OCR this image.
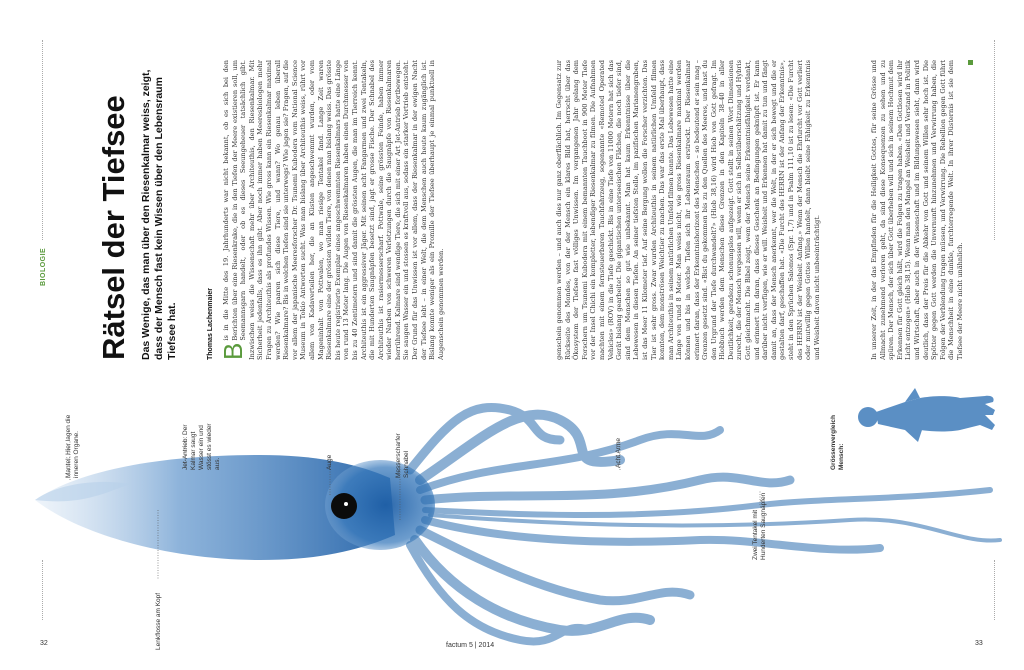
Mantel: Hier lagen die inneren Organe.	Jet-Antrieb: Der Kalmar saugt Wasser ein und stösst es wieder aus.	Auge	Messerscharfer Schnabel	Acht Arme
Zwei Tentakel mit Hunderten Saugnäpfen
Lenkflosse am Kopf
Grössenvergleich
Mensch:
BIOLOGIE Rätsel der Tiefsee Das Wenige, das man über den Riesenkalmar weiss, zeigt, dass der Mensch fast kein Wissen über den Lebensraum Tiefsee hat.	Thomas Lachenmaier B
is in die Mitte des 19. Jahrhunderts war nicht bekannt, ob es sich bei den Berichten über eine Riesenkrake, die in den Tiefen der Meere existieren soll, um Seemannsgarn handelt, oder ob es dieses Seeungeheuer tatsächlich gibt. Inzwischen weiss die Wissenschaft mehr über Architeuthis, den Riesenkalmar. Mit Sicherheit jedenfalls, dass es ihn gibt. Aber noch immer haben Meeresbiologen mehr Fragen zu Architeuthis als profundes Wissen. Wie gross kann ein Riesenkalmar maximal werden? Wie paaren sich diese Tiere, und wann? Wo genau leben überall Riesenkalmare? Bis in welchen Tiefen sind sie unterwegs? Wie jagen sie? Fragen, auf die vor allem der japanische Meeresforscher Dr. Tsunemi Kubodera vom National Science Museum in Tokio Antworten sucht. Was man bislang über Architeuthis weiss, rührt vor allem von Kadaverteilen her, die an Küsten angeschwemmt wurden, oder vom Mageninhalt von Pottwalen, wo man riesige Tentakel fand. Lange Zeit waren Riesenkalmare eine der grössten wilden Tiere, von denen man bislang weiss. Das grösste bis heute registrierte Exemplar eines angeschwemmten Riesenkalmars hatte eine Länge von rund 13 Meter lang. Die Augen von Riesenkalmaren haben einen Durchmesser von bis zu 40 Zentimetern und sind damit die grössten Augen, die man im Tierreich kennt. Architeuthis ist ein aggressiver Jäger. Mit seinen acht Fangarmen und zwei Tentakeln, die mit Hunderten Saugnäpfen besetzt sind, jagt er grosse Fische. Der Schnabel des Architeuthis ist rasiermesserscharf. Pottwale, seine grössten Feinde, haben immer wieder Narben von schweren Verletzungen durch die Saugnäpfe von Riesenkalmaren herrührend. Kalmare sind wendige Tiere, die sich mit einer Art Jet-Antrieb fortbewegen. Sie saugen Wasser ein und stossen es kraftvoll aus, sodass ein starker Vortrieb entsteht. Der Grund für das Unwissen ist vor allem, dass der Riesenkalmar in der ewigen Nacht der Tiefsee lebt – in einer Welt, die dem Menschen auch heute kaum zugänglich ist. Bislang konnte weniger als ein Promille der Tiefsee überhaupt je einmal punktuell in Augenschein genommen werden.	genschein genommen werden – und auch dies nur ganz oberflächlich. Im Gegensatz zur Rückseite des Mondes, von der der Mensch ein klares Bild hat, herrscht über das Ökosystem der Tiefsee fast völliges Unwissen. Im vergangenen Jahr gelang dem Forschern um Tsunemi Kubodera mit einem bemannten Tauchboot in 900 Meter Tiefe vor der Insel Chichi ein kompletter, lebendiger Riesenkalmar zu filmen. Die Aufnahmen machten mit einem fernsteuerbaren Tauchfahrzeug, sogenannte «Remoted Operated Vehicles» (ROV) in die Tiefe geschickt. Bis in eine Tiefe von 11000 Metern hat sich das Gerät bislang gearbeitet. Die gigantischen unterseeischen Flächen, die noch tiefer sind, sind dem Menschen so gut wie unbekannt. Man hat kaum Erkenntnisse über die Lebewesen in diesen Tiefen. An seiner tiefsten Stelle, im pazifischen Marianengraben, ist das Meer 11 Kilometer tief. Auf seine Bergung wollen die Forscher verzichten. Das Tier ist sehr gross. Zwar wurden Architeuthis in seinem natürlichen Umfeld filmen konnten, dem monströsen Weichtier zu machen. Das war das erste Mal überhaupt, dass man Architeuthis in seinem natürlichen Umfeld filmen konnte. Das Lebewesen hatte eine Länge von rund 8 Meter. Man weiss nicht, wie gross Riesenkalmare maximal werden können und bis in welche Tiefen sich ihr Lebensraum erstreckt. Der Riesenkalmar erinnert daran, dass der Erkenntnishorizont des Menschen – so bedeutend er sein mag – Grenzen gesetzt sind. «Bist du gekommen bis zu den Quellen des Meeres, und hast du den Urgrund der Tiefe durchwandelt?» (Hiob 38,16) wird Hiob von Gott gefragt. Im Hiobbuch werden dem Menschen diese Grenzen in den Kapiteln 38–40 in aller Deutlichkeit, geradezu schonungslos aufgezeigt. Gott stellt in seinen Wort Dimensionen zurecht, die der Mensch vergessen will, wenn er sich in Selbstüberschätzung und Hybris Gott gleichmacht. Die Bibel zeigt, wem der Mensch seine Erkenntnisfähigkeit verdankt, und erinnert ihn daran, dass dieses Geschenk an Bedingungen geknüpft ist. Er kann darüber nicht verfügen, wie er will. Weisheit und Erkennen hat damit zu tun und fängt damit an, dass der Mensch anerkennt, wer die Welt, in der er sich bewegt und die er gestalten darf, geschaffen hat. «Die Furcht des HERRN ist der Anfang der Erkenntnis», steht in den Sprüchen Salomos (Spr. 1,7) und in Psalm 111,10 ist zu lesen: «Die Furcht des HERRN ist der Weisheit Anfang.» Wenn der Mensch die Ehrfurcht vor Gott verliert oder mutwillig gegen Gottes Willen handelt, dann bleibt seine Fähigkeit zu Erkenntnis und Weisheit davon nicht unbeeinträchtigt.	In unserer Zeit, in der das Empfinden für die Heiligkeit Gottes, für seine Grösse und Allmacht zunehmend verloren geht, da sind diese Konsequenzen zu sehen und zu spüren. Der Mensch, der sich über Gott überheben will und sich in seinem Hochmut dem Erkennen für Gott gleich hält, wird die Folgen zu tragen haben. «Den Gottlosen wird ihr Licht entzogen» (Hiob 38,15). Wenn man den Mangel an Weisheit und Verstand in Politik und Wirtschaft, aber auch in der Wissenschaft und im Bildungswesen sieht, dann wird deutlich, dass der Preis für die Abkehr von Gott und seinem Willen sehr hoch ist. Die Spötter gegen Gott werden die Unvernunft hinzunehmen und Verwirrung haben, die Folgen der Verblendung tragen müssen, und Verwirrung. Die Rebellion gegen Gott führt die Menschheit in eine dunkle, furchterregende Welt. In ihrer Düsternis ist sie dem Tiefsee der Meere nicht unähnlich.
32	factum 5 | 2014	33
